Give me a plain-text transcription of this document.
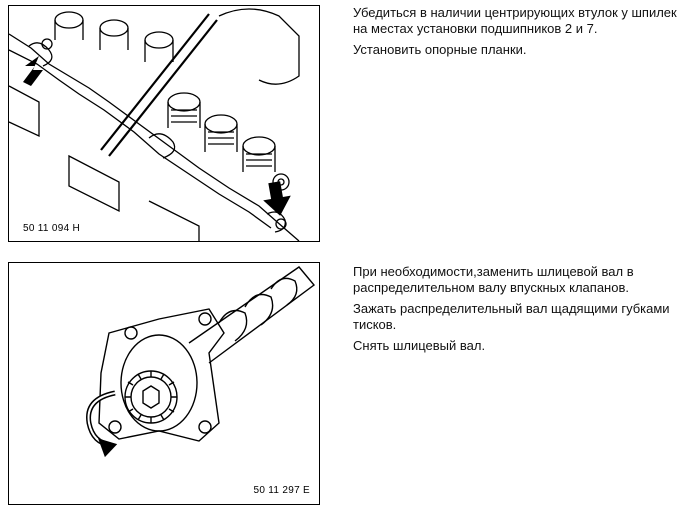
50 11 094 H

Убедиться в наличии центрирующих втулок у шпилек на местах установки подшипников 2 и 7.

Установить опорные планки.

50 11 297 E

При необходимости,заменить шлицевой вал в распределительном валу впускных клапанов.

Зажать распределительный вал щадящими губками тисков.

Снять шлицевый вал.
